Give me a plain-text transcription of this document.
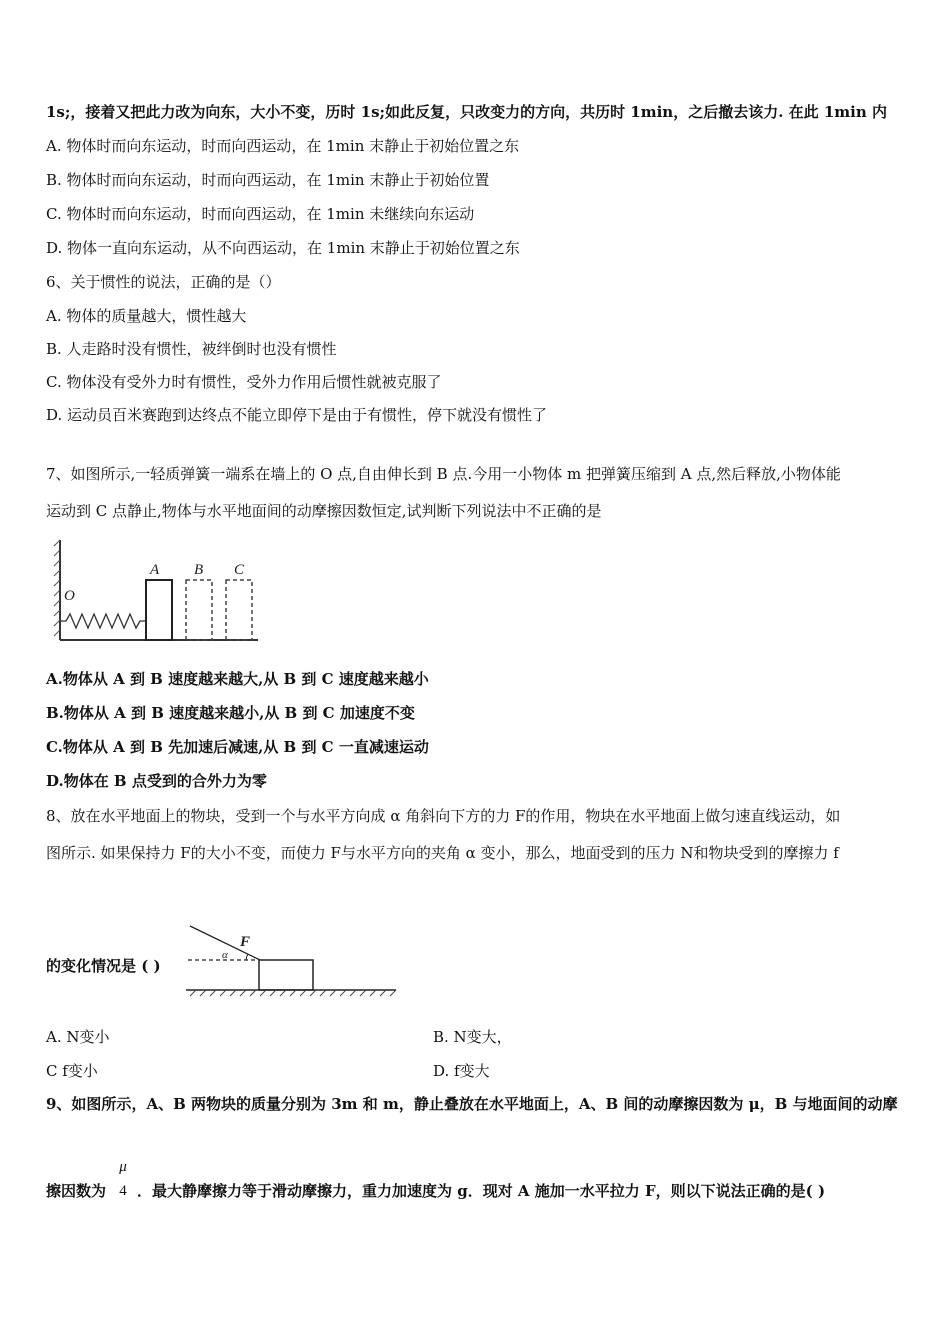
1s;，接着又把此力改为向东，大小不变，历时 1s;如此反复，只改变力的方向，共历时 1min，之后撤去该力. 在此 1min 内
A. 物体时而向东运动，时而向西运动，在 1min 末静止于初始位置之东
B. 物体时而向东运动，时而向西运动，在 1min 末静止于初始位置
C. 物体时而向东运动，时而向西运动，在 1min 未继续向东运动
D. 物体一直向东运动，从不向西运动，在 1min 末静止于初始位置之东
6、关于惯性的说法，正确的是（）
A. 物体的质量越大，惯性越大
B. 人走路时没有惯性，被绊倒时也没有惯性
C. 物体没有受外力时有惯性，受外力作用后惯性就被克服了
D. 运动员百米赛跑到达终点不能立即停下是由于有惯性，停下就没有惯性了
7、如图所示,一轻质弹簧一端系在墙上的 O 点,自由伸长到 B 点.今用一小物体 m 把弹簧压缩到 A 点,然后释放,小物体能
运动到 C 点静止,物体与水平地面间的动摩擦因数恒定,试判断下列说法中不正确的是
O
A B C
A.物体从 A 到 B 速度越来越大,从 B 到 C 速度越来越小
B.物体从 A 到 B 速度越来越小,从 B 到 C 加速度不变
C.物体从 A 到 B 先加速后减速,从 B 到 C 一直减速运动
D.物体在 B 点受到的合外力为零
8、放在水平地面上的物块，受到一个与水平方向成 α 角斜向下方的力 F的作用，物块在水平地面上做匀速直线运动，如
图所示. 如果保持力 F的大小不变，而使力 F与水平方向的夹角 α 变小，那么，地面受到的压力 N和物块受到的摩擦力 f
的变化情况是 ( )
F
α
A. N变小	B. N变大，
C f变小	D. f变大
9、如图所示，A、B 两物块的质量分别为 3m 和 m，静止叠放在水平地面上，A、B 间的动摩擦因数为 μ，B 与地面间的动摩
擦因数为
μ
4 ．最大静摩擦力等于滑动摩擦力，重力加速度为 g．现对 A 施加一水平拉力 F，则以下说法正确的是( )
